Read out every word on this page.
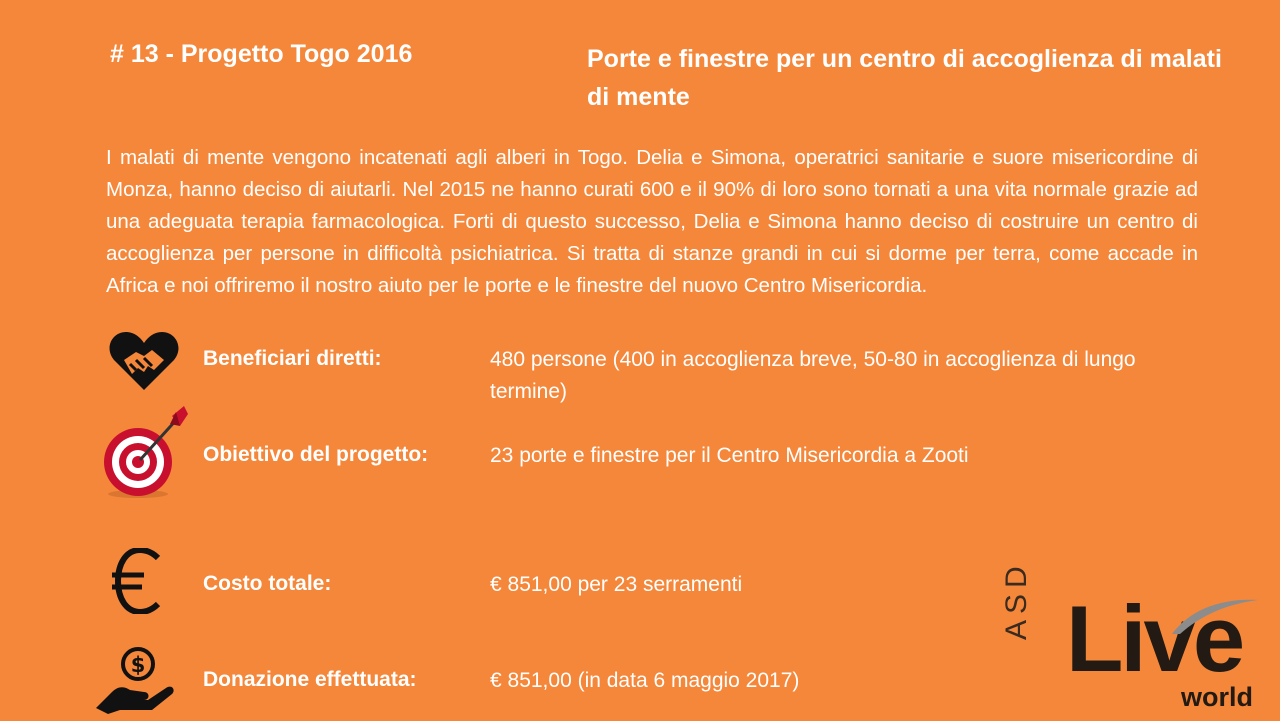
# 13 - Progetto Togo 2016	Porte e finestre per un centro di accoglienza di malati di mente
I malati di mente vengono incatenati agli alberi in Togo. Delia e Simona, operatrici sanitarie e suore misericordine di Monza, hanno deciso di aiutarli. Nel 2015 ne hanno curati 600 e il 90% di loro sono tornati a una vita normale grazie ad una adeguata terapia farmacologica. Forti di questo successo, Delia e Simona hanno deciso di costruire un centro di accoglienza per persone in difficoltà psichiatrica. Si tratta di stanze grandi in cui si dorme per terra, come accade in Africa e noi offriremo il nostro aiuto per le porte e le finestre del nuovo Centro Misericordia.
Beneficiari diretti:	480 persone (400 in accoglienza breve, 50-80 in accoglienza di lungo termine)
Obiettivo del progetto:	23 porte e finestre per il Centro Misericordia a Zooti
Costo totale:	€ 851,00 per 23 serramenti
$
Donazione effettuata:	€ 851,00 (in data 6 maggio 2017)
ASD Live
world
